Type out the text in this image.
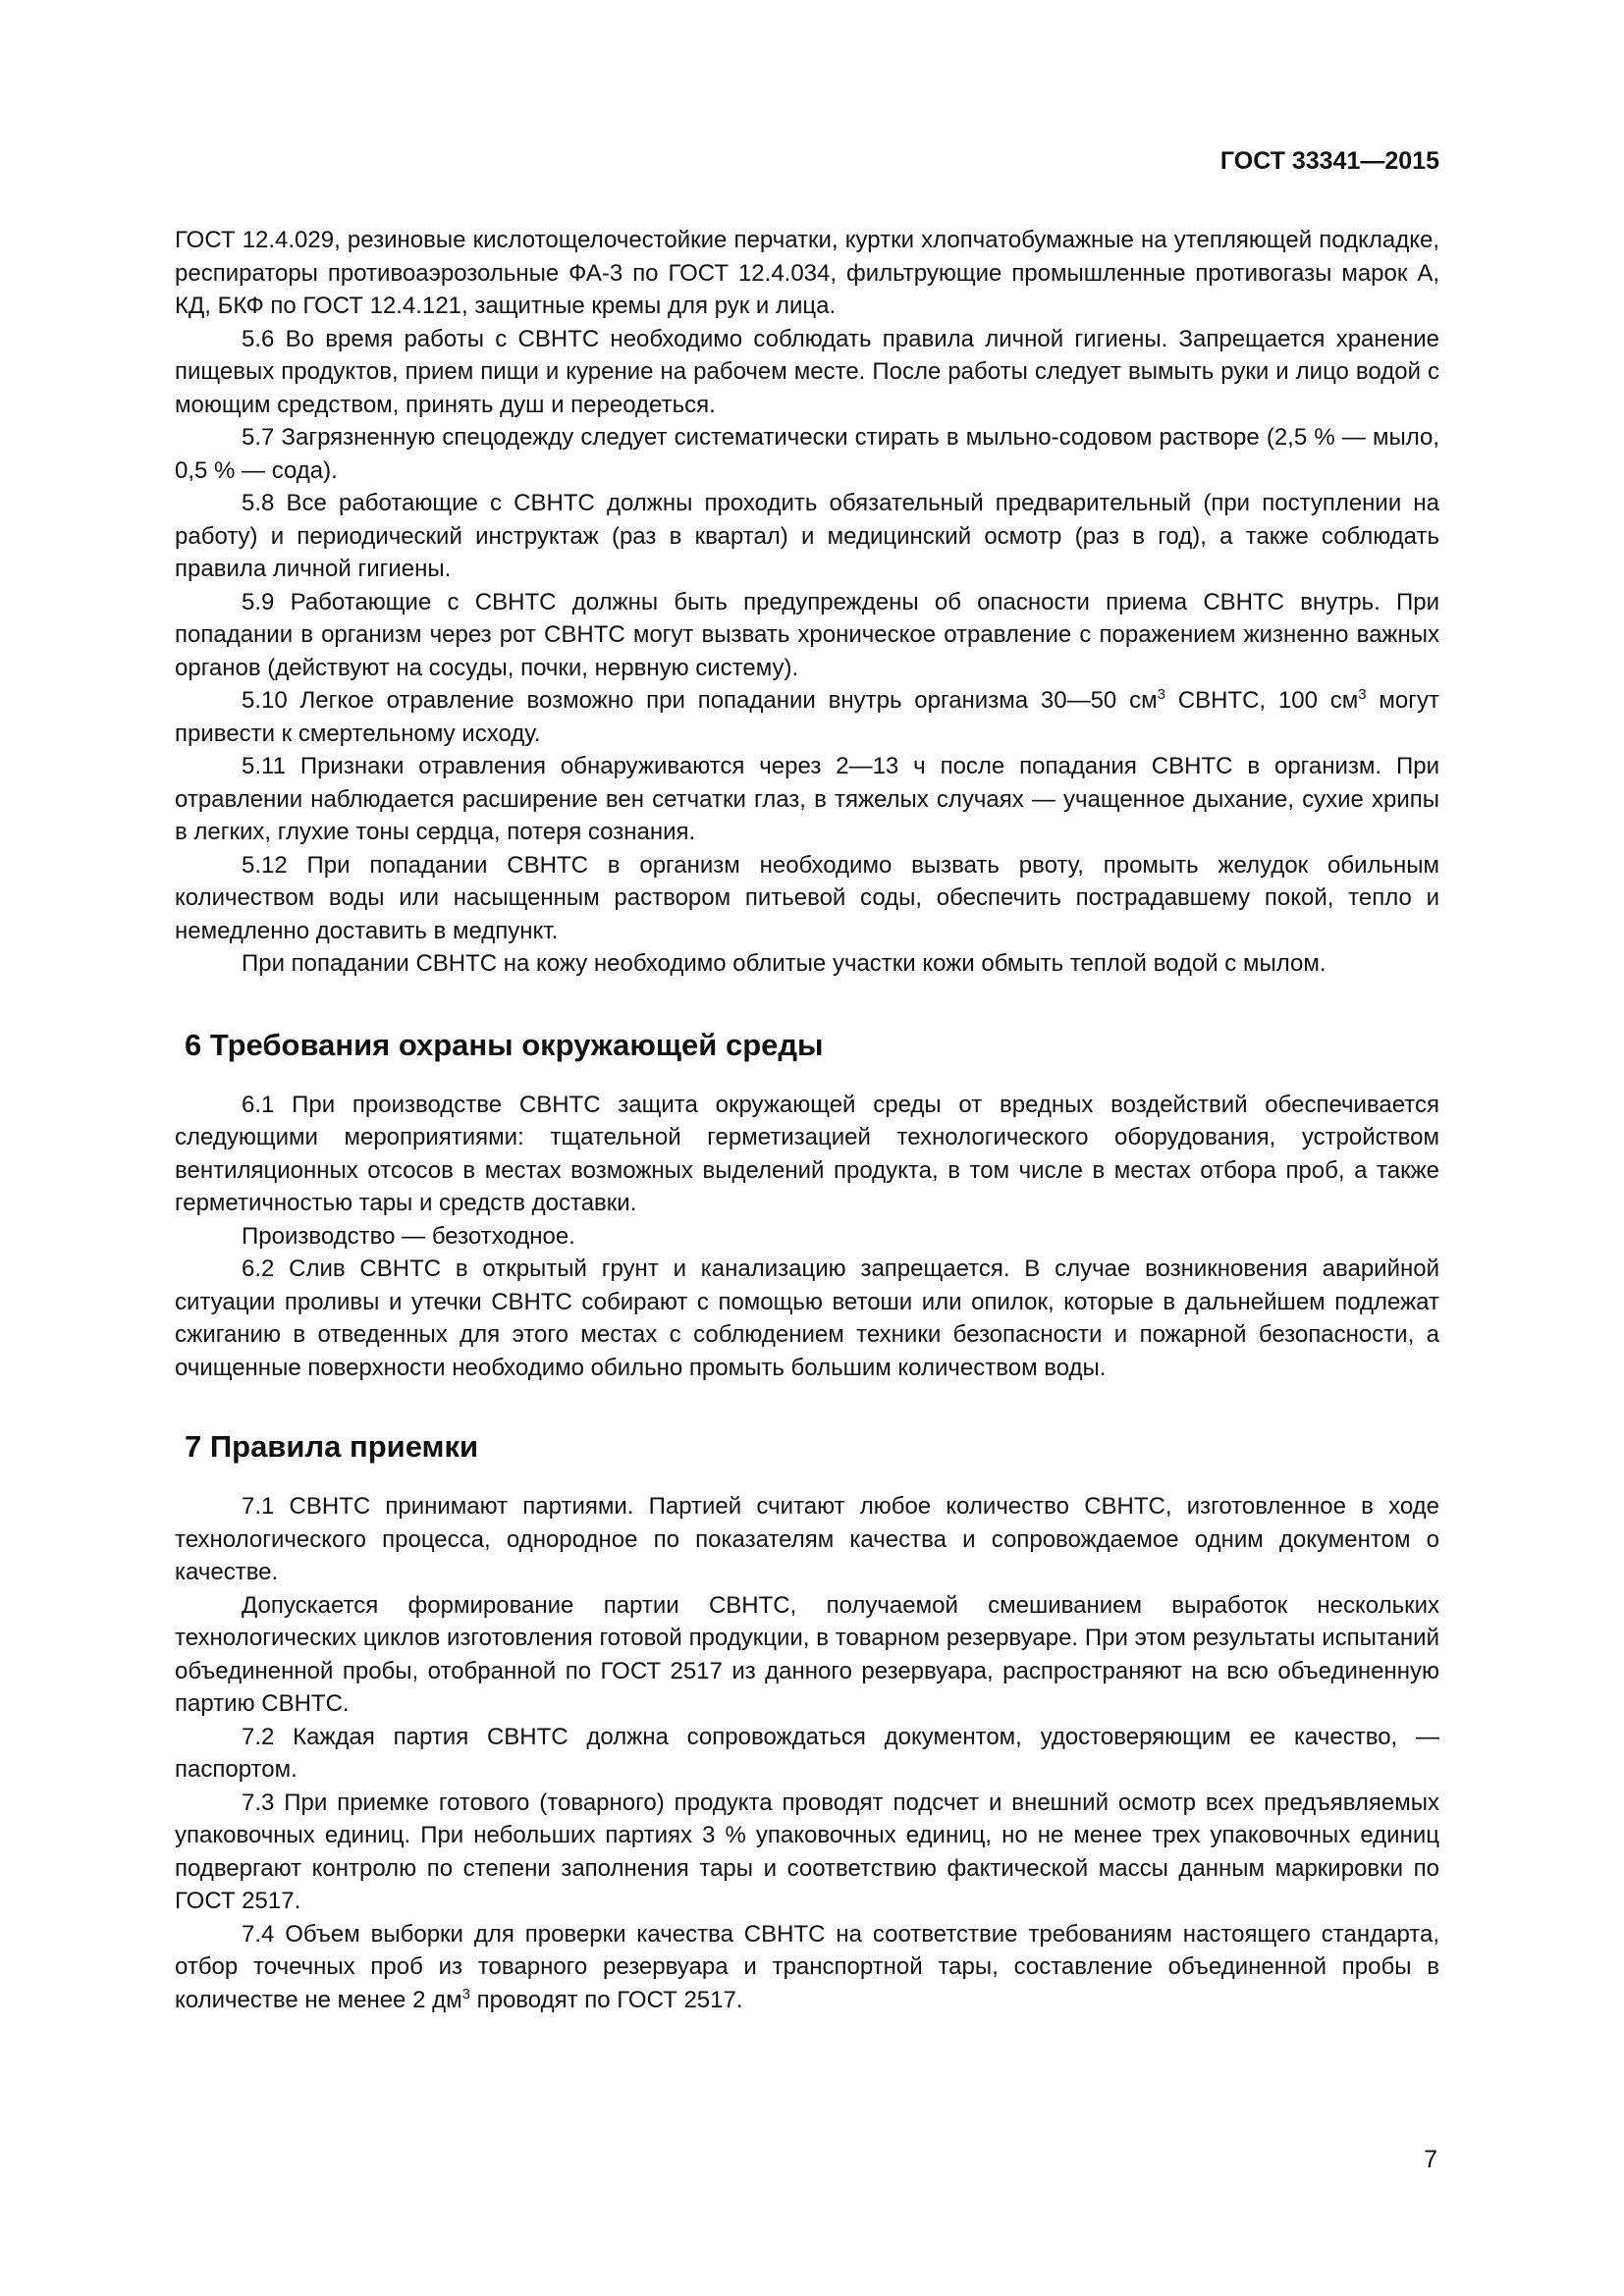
ГОСТ 33341—2015

ГОСТ 12.4.029, резиновые кислотощелочестойкие перчатки, куртки хлопчатобумажные на утепляющей подкладке, респираторы противоаэрозольные ФА-3 по ГОСТ 12.4.034, фильтрующие промышленные противогазы марок А, КД, БКФ по ГОСТ 12.4.121, защитные кремы для рук и лица.

5.6 Во время работы с СВНТС необходимо соблюдать правила личной гигиены. Запрещается хранение пищевых продуктов, прием пищи и курение на рабочем месте. После работы следует вымыть руки и лицо водой с моющим средством, принять душ и переодеться.

5.7 Загрязненную спецодежду следует систематически стирать в мыльно-содовом растворе (2,5 % — мыло, 0,5 % — сода).

5.8 Все работающие с СВНТС должны проходить обязательный предварительный (при поступлении на работу) и периодический инструктаж (раз в квартал) и медицинский осмотр (раз в год), а также соблюдать правила личной гигиены.

5.9 Работающие с СВНТС должны быть предупреждены об опасности приема СВНТС внутрь. При попадании в организм через рот СВНТС могут вызвать хроническое отравление с поражением жизненно важных органов (действуют на сосуды, почки, нервную систему).

5.10 Легкое отравление возможно при попадании внутрь организма 30—50 $см^3$ СВНТС, 100 $см^3$ могут привести к смертельному исходу.

5.11 Признаки отравления обнаруживаются через 2—13 ч после попадания СВНТС в организм. При отравлении наблюдается расширение вен сетчатки глаз, в тяжелых случаях — учащенное дыхание, сухие хрипы в легких, глухие тоны сердца, потеря сознания.

5.12 При попадании СВНТС в организм необходимо вызвать рвоту, промыть желудок обильным количеством воды или насыщенным раствором питьевой соды, обеспечить пострадавшему покой, тепло и немедленно доставить в медпункт.

При попадании СВНТС на кожу необходимо облитые участки кожи обмыть теплой водой с мылом.

6 Требования охраны окружающей среды

6.1 При производстве СВНТС защита окружающей среды от вредных воздействий обеспечивается следующими мероприятиями: тщательной герметизацией технологического оборудования, устройством вентиляционных отсосов в местах возможных выделений продукта, в том числе в местах отбора проб, а также герметичностью тары и средств доставки.

Производство — безотходное.

6.2 Слив СВНТС в открытый грунт и канализацию запрещается. В случае возникновения аварийной ситуации проливы и утечки СВНТС собирают с помощью ветоши или опилок, которые в дальнейшем подлежат сжиганию в отведенных для этого местах с соблюдением техники безопасности и пожарной безопасности, а очищенные поверхности необходимо обильно промыть большим количеством воды.

7 Правила приемки

7.1 СВНТС принимают партиями. Партией считают любое количество СВНТС, изготовленное в ходе технологического процесса, однородное по показателям качества и сопровождаемое одним документом о качестве.

Допускается формирование партии СВНТС, получаемой смешиванием выработок нескольких технологических циклов изготовления готовой продукции, в товарном резервуаре. При этом результаты испытаний объединенной пробы, отобранной по ГОСТ 2517 из данного резервуара, распространяют на всю объединенную партию СВНТС.

7.2 Каждая партия СВНТС должна сопровождаться документом, удостоверяющим ее качество, — паспортом.

7.3 При приемке готового (товарного) продукта проводят подсчет и внешний осмотр всех предъявляемых упаковочных единиц. При небольших партиях 3 % упаковочных единиц, но не менее трех упаковочных единиц подвергают контролю по степени заполнения тары и соответствию фактической массы данным маркировки по ГОСТ 2517.

7.4 Объем выборки для проверки качества СВНТС на соответствие требованиям настоящего стандарта, отбор точечных проб из товарного резервуара и транспортной тары, составление объединенной пробы в количестве не менее 2 $дм^3$ проводят по ГОСТ 2517.

7
